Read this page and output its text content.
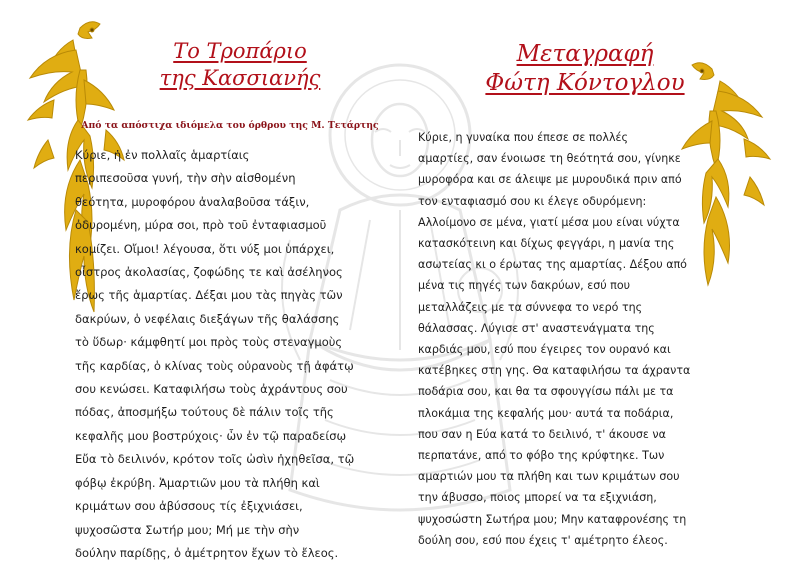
Το Τροπάριο
της Κασσιανής
Μεταγραφή
Φώτη Κόντογλου
Από τα απόστιχα ιδιόμελα του όρθρου της Μ. Τετάρτης

Κύριε, ἡ ἐν πολλαῖς ἁμαρτίαις
περιπεσοῦσα γυνή, τὴν σὴν αἰσθομένη
θεότητα, μυροφόρου ἀναλαβοῦσα τάξιν,
ὀδυρομένη, μύρα σοι, πρὸ τοῦ ἐνταφιασμοῦ
κομίζει. Οἴμοι! λέγουσα, ὅτι νύξ μοι ὑπάρχει,
οἶστρος ἀκολασίας, ζοφώδης τε καὶ ἀσέληνος
ἔρως τῆς ἁμαρτίας. Δέξαι μου τὰς πηγὰς τῶν
δακρύων, ὁ νεφέλαις διεξάγων τῆς θαλάσσης
τὸ ὕδωρ· κάμφθητί μοι πρὸς τοὺς στεναγμοὺς
τῆς καρδίας, ὁ κλίνας τοὺς οὐρανοὺς τῇ ἀφάτῳ
σου κενώσει. Καταφιλήσω τοὺς ἀχράντους σου
πόδας, ἀποσμήξω τούτους δὲ πάλιν τοῖς τῆς
κεφαλῆς μου βοστρύχοις· ὧν ἐν τῷ παραδείσῳ
Εὔα τὸ δειλινόν, κρότον τοῖς ὠσὶν ἠχηθεῖσα, τῷ
φόβῳ ἐκρύβη. Ἁμαρτιῶν μου τὰ πλήθη καὶ
κριμάτων σου ἀβύσσους τίς ἐξιχνιάσει,
ψυχοσῶστα Σωτήρ μου; Μή με τὴν σὴν
δούλην παρίδῃς, ὁ ἀμέτρητον ἔχων τὸ ἔλεος.

Κύριε, η γυναίκα που έπεσε σε πολλές
αμαρτίες, σαν ένοιωσε τη θεότητά σου, γίνηκε
μυροφόρα και σε άλειψε με μυρουδικά πριν από
τον ενταφιασμό σου κι έλεγε οδυρόμενη:
Αλλοίμονο σε μένα, γιατί μέσα μου είναι νύχτα
κατασκότεινη και δίχως φεγγάρι, η μανία της
ασωτείας κι ο έρωτας της αμαρτίας. Δέξου από
μένα τις πηγές των δακρύων, εσύ που
μεταλλάζεις με τα σύννεφα το νερό της
θάλασσας. Λύγισε στ' αναστενάγματα της
καρδιάς μου, εσύ που έγειρες τον ουρανό και
κατέβηκες στη γης. Θα καταφιλήσω τα άχραντα
ποδάρια σου, και θα τα σφουγγίσω πάλι με τα
πλοκάμια της κεφαλής μου· αυτά τα ποδάρια,
που σαν η Εύα κατά το δειλινό, τ' άκουσε να
περπατάνε, από το φόβο της κρύφτηκε. Των
αμαρτιών μου τα πλήθη και των κριμάτων σου
την άβυσσο, ποιος μπορεί να τα εξιχνιάση,
ψυχοσώστη Σωτήρα μου; Μην καταφρονέσης τη
δούλη σου, εσύ που έχεις τ' αμέτρητο έλεος.
